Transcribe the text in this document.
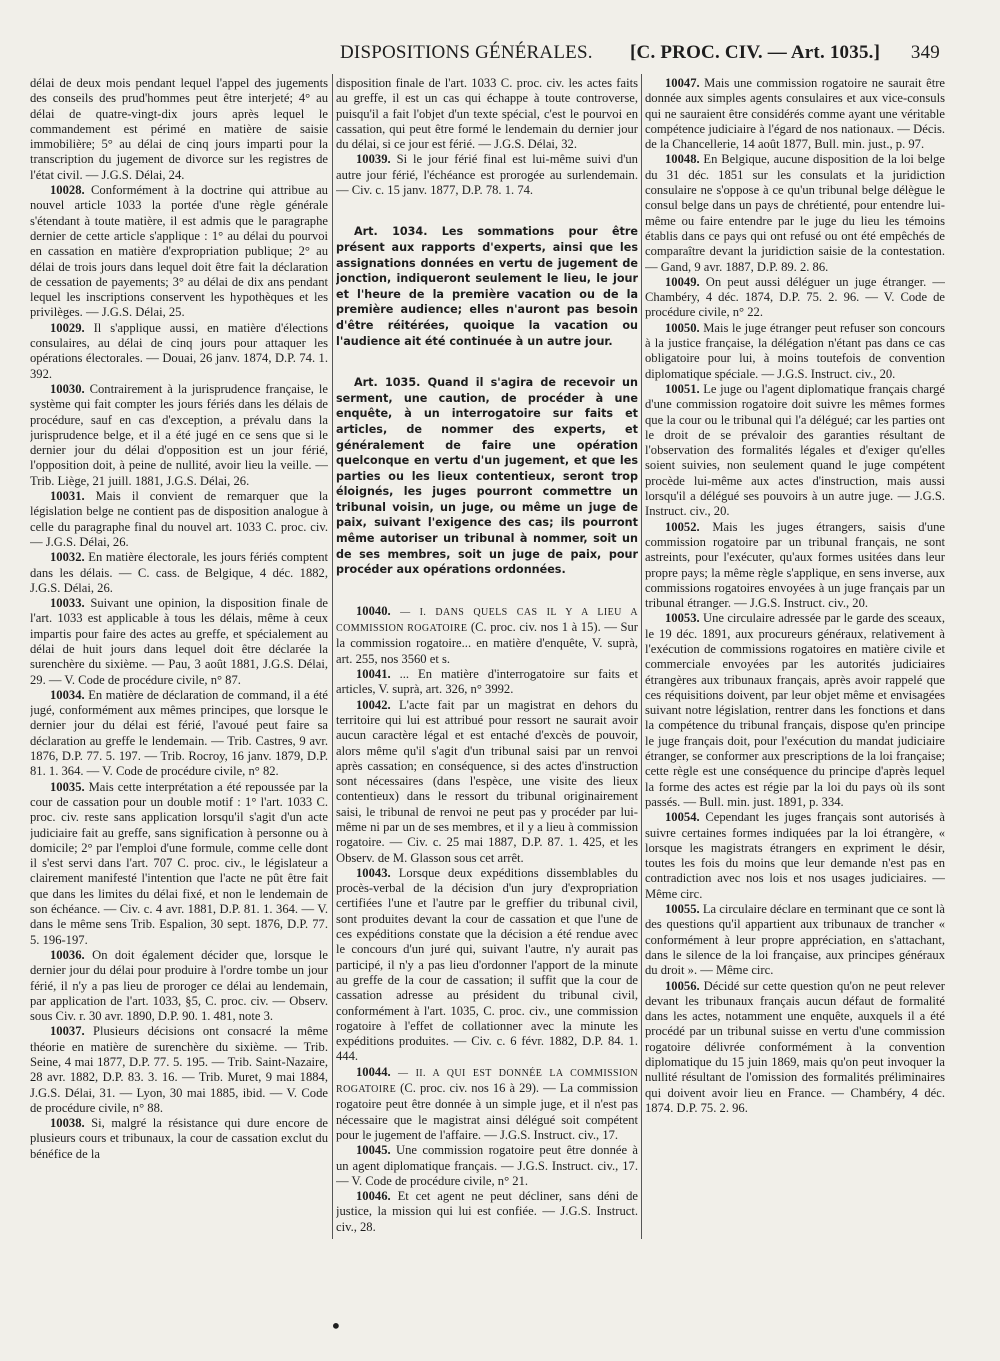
DISPOSITIONS GÉNÉRALES. [C. PROC. CIV. — Art. 1035.] 349

délai de deux mois pendant lequel l'appel des jugements des conseils des prud'hommes peut être interjeté; 4° au délai de quatre-vingt-dix jours après lequel le commandement est périmé en matière de saisie immobilière; 5° au délai de cinq jours imparti pour la transcription du jugement de divorce sur les registres de l'état civil. — J.G.S. Délai, 24.

10028. Conformément à la doctrine qui attribue au nouvel article 1033 la portée d'une règle générale s'étendant à toute matière, il est admis que le paragraphe dernier de cette article s'applique : 1° au délai du pourvoi en cassation en matière d'expropriation publique; 2° au délai de trois jours dans lequel doit être fait la déclaration de cessation de payements; 3° au délai de dix ans pendant lequel les inscriptions conservent les hypothèques et les privilèges. — J.G.S. Délai, 25.

10029. Il s'applique aussi, en matière d'élections consulaires, au délai de cinq jours pour attaquer les opérations électorales. — Douai, 26 janv. 1874, D.P. 74. 1. 392.

10030. Contrairement à la jurisprudence française, le système qui fait compter les jours fériés dans les délais de procédure, sauf en cas d'exception, a prévalu dans la jurisprudence belge, et il a été jugé en ce sens que si le dernier jour du délai d'opposition est un jour férié, l'opposition doit, à peine de nullité, avoir lieu la veille. — Trib. Liège, 21 juill. 1881, J.G.S. Délai, 26.

10031. Mais il convient de remarquer que la législation belge ne contient pas de disposition analogue à celle du paragraphe final du nouvel art. 1033 C. proc. civ. — J.G.S. Délai, 26.

10032. En matière électorale, les jours fériés comptent dans les délais. — C. cass. de Belgique, 4 déc. 1882, J.G.S. Délai, 26.

10033. Suivant une opinion, la disposition finale de l'art. 1033 est applicable à tous les délais, même à ceux impartis pour faire des actes au greffe, et spécialement au délai de huit jours dans lequel doit être déclarée la surenchère du sixième. — Pau, 3 août 1881, J.G.S. Délai, 29. — V. Code de procédure civile, n° 87.

10034. En matière de déclaration de command, il a été jugé, conformément aux mêmes principes, que lorsque le dernier jour du délai est férié, l'avoué peut faire sa déclaration au greffe le lendemain. — Trib. Castres, 9 avr. 1876, D.P. 77. 5. 197. — Trib. Rocroy, 16 janv. 1879, D.P. 81. 1. 364. — V. Code de procédure civile, n° 82.

10035. Mais cette interprétation a été repoussée par la cour de cassation pour un double motif : 1° l'art. 1033 C. proc. civ. reste sans application lorsqu'il s'agit d'un acte judiciaire fait au greffe, sans signification à personne ou à domicile; 2° par l'emploi d'une formule, comme celle dont il s'est servi dans l'art. 707 C. proc. civ., le législateur a clairement manifesté l'intention que l'acte ne pût être fait que dans les limites du délai fixé, et non le lendemain de son échéance. — Civ. c. 4 avr. 1881, D.P. 81. 1. 364. — V. dans le même sens Trib. Espalion, 30 sept. 1876, D.P. 77. 5. 196-197.

10036. On doit également décider que, lorsque le dernier jour du délai pour produire à l'ordre tombe un jour férié, il n'y a pas lieu de proroger ce délai au lendemain, par application de l'art. 1033, §5, C. proc. civ. — Observ. sous Civ. r. 30 avr. 1890, D.P. 90. 1. 481, note 3.

10037. Plusieurs décisions ont consacré la même théorie en matière de surenchère du sixième. — Trib. Seine, 4 mai 1877, D.P. 77. 5. 195. — Trib. Saint-Nazaire, 28 avr. 1882, D.P. 83. 3. 16. — Trib. Muret, 9 mai 1884, J.G.S. Délai, 31. — Lyon, 30 mai 1885, ibid. — V. Code de procédure civile, n° 88.

10038. Si, malgré la résistance qui dure encore de plusieurs cours et tribunaux, la cour de cassation exclut du bénéfice de la

disposition finale de l'art. 1033 C. proc. civ. les actes faits au greffe, il est un cas qui échappe à toute controverse, puisqu'il a fait l'objet d'un texte spécial, c'est le pourvoi en cassation, qui peut être formé le lendemain du dernier jour du délai, si ce jour est férié. — J.G.S. Délai, 32.

10039. Si le jour férié final est lui-même suivi d'un autre jour férié, l'échéance est prorogée au surlendemain. — Civ. c. 15 janv. 1877, D.P. 78. 1. 74.

Art. 1034. Les sommations pour être présent aux rapports d'experts, ainsi que les assignations données en vertu de jugement de jonction, indiqueront seulement le lieu, le jour et l'heure de la première vacation ou de la première audience; elles n'auront pas besoin d'être réitérées, quoique la vacation ou l'audience ait été continuée à un autre jour.

Art. 1035. Quand il s'agira de recevoir un serment, une caution, de procéder à une enquête, à un interrogatoire sur faits et articles, de nommer des experts, et généralement de faire une opération quelconque en vertu d'un jugement, et que les parties ou les lieux contentieux, seront trop éloignés, les juges pourront commettre un tribunal voisin, un juge, ou même un juge de paix, suivant l'exigence des cas; ils pourront même autoriser un tribunal à nommer, soit un de ses membres, soit un juge de paix, pour procéder aux opérations ordonnées.

10040. — I. DANS QUELS CAS IL Y A LIEU A COMMISSION ROGATOIRE (C. proc. civ. nos 1 à 15). — Sur la commission rogatoire... en matière d'enquête, V. suprà, art. 255, nos 3560 et s.

10041. ... En matière d'interrogatoire sur faits et articles, V. suprà, art. 326, n° 3992.

10042. L'acte fait par un magistrat en dehors du territoire qui lui est attribué pour ressort ne saurait avoir aucun caractère légal et est entaché d'excès de pouvoir, alors même qu'il s'agit d'un tribunal saisi par un renvoi après cassation; en conséquence, si des actes d'instruction sont nécessaires (dans l'espèce, une visite des lieux contentieux) dans le ressort du tribunal originairement saisi, le tribunal de renvoi ne peut pas y procéder par lui-même ni par un de ses membres, et il y a lieu à commission rogatoire. — Civ. c. 25 mai 1887, D.P. 87. 1. 425, et les Observ. de M. Glasson sous cet arrêt.

10043. Lorsque deux expéditions dissemblables du procès-verbal de la décision d'un jury d'expropriation certifiées l'une et l'autre par le greffier du tribunal civil, sont produites devant la cour de cassation et que l'une de ces expéditions constate que la décision a été rendue avec le concours d'un juré qui, suivant l'autre, n'y aurait pas participé, il n'y a pas lieu d'ordonner l'apport de la minute au greffe de la cour de cassation; il suffit que la cour de cassation adresse au président du tribunal civil, conformément à l'art. 1035, C. proc. civ., une commission rogatoire à l'effet de collationner avec la minute les expéditions produites. — Civ. c. 6 févr. 1882, D.P. 84. 1. 444.

10044. — II. A QUI EST DONNÉE LA COMMISSION ROGATOIRE (C. proc. civ. nos 16 à 29). — La commission rogatoire peut être donnée à un simple juge, et il n'est pas nécessaire que le magistrat ainsi délégué soit compétent pour le jugement de l'affaire. — J.G.S. Instruct. civ., 17.

10045. Une commission rogatoire peut être donnée à un agent diplomatique français. — J.G.S. Instruct. civ., 17. — V. Code de procédure civile, n° 21.

10046. Et cet agent ne peut décliner, sans déni de justice, la mission qui lui est confiée. — J.G.S. Instruct. civ., 28.

10047. Mais une commission rogatoire ne saurait être donnée aux simples agents consulaires et aux vice-consuls qui ne sauraient être considérés comme ayant une véritable compétence judiciaire à l'égard de nos nationaux. — Décis. de la Chancellerie, 14 août 1877, Bull. min. just., p. 97.

10048. En Belgique, aucune disposition de la loi belge du 31 déc. 1851 sur les consulats et la juridiction consulaire ne s'oppose à ce qu'un tribunal belge délègue le consul belge dans un pays de chrétienté, pour entendre lui-même ou faire entendre par le juge du lieu les témoins établis dans ce pays qui ont refusé ou ont été empêchés de comparaître devant la juridiction saisie de la contestation. — Gand, 9 avr. 1887, D.P. 89. 2. 86.

10049. On peut aussi déléguer un juge étranger. — Chambéry, 4 déc. 1874, D.P. 75. 2. 96. — V. Code de procédure civile, n° 22.

10050. Mais le juge étranger peut refuser son concours à la justice française, la délégation n'étant pas dans ce cas obligatoire pour lui, à moins toutefois de convention diplomatique spéciale. — J.G.S. Instruct. civ., 20.

10051. Le juge ou l'agent diplomatique français chargé d'une commission rogatoire doit suivre les mêmes formes que la cour ou le tribunal qui l'a délégué; car les parties ont le droit de se prévaloir des garanties résultant de l'observation des formalités légales et d'exiger qu'elles soient suivies, non seulement quand le juge compétent procède lui-même aux actes d'instruction, mais aussi lorsqu'il a délégué ses pouvoirs à un autre juge. — J.G.S. Instruct. civ., 20.

10052. Mais les juges étrangers, saisis d'une commission rogatoire par un tribunal français, ne sont astreints, pour l'exécuter, qu'aux formes usitées dans leur propre pays; la même règle s'applique, en sens inverse, aux commissions rogatoires envoyées à un juge français par un tribunal étranger. — J.G.S. Instruct. civ., 20.

10053. Une circulaire adressée par le garde des sceaux, le 19 déc. 1891, aux procureurs généraux, relativement à l'exécution de commissions rogatoires en matière civile et commerciale envoyées par les autorités judiciaires étrangères aux tribunaux français, après avoir rappelé que ces réquisitions doivent, par leur objet même et envisagées suivant notre législation, rentrer dans les fonctions et dans la compétence du tribunal français, dispose qu'en principe le juge français doit, pour l'exécution du mandat judiciaire étranger, se conformer aux prescriptions de la loi française; cette règle est une conséquence du principe d'après lequel la forme des actes est régie par la loi du pays où ils sont passés. — Bull. min. just. 1891, p. 334.

10054. Cependant les juges français sont autorisés à suivre certaines formes indiquées par la loi étrangère, « lorsque les magistrats étrangers en expriment le désir, toutes les fois du moins que leur demande n'est pas en contradiction avec nos lois et nos usages judiciaires. — Même circ.

10055. La circulaire déclare en terminant que ce sont là des questions qu'il appartient aux tribunaux de trancher « conformément à leur propre appréciation, en s'attachant, dans le silence de la loi française, aux principes généraux du droit ». — Même circ.

10056. Décidé sur cette question qu'on ne peut relever devant les tribunaux français aucun défaut de formalité dans les actes, notamment une enquête, auxquels il a été procédé par un tribunal suisse en vertu d'une commission rogatoire délivrée conformément à la convention diplomatique du 15 juin 1869, mais qu'on peut invoquer la nullité résultant de l'omission des formalités préliminaires qui doivent avoir lieu en France. — Chambéry, 4 déc. 1874. D.P. 75. 2. 96.

•
